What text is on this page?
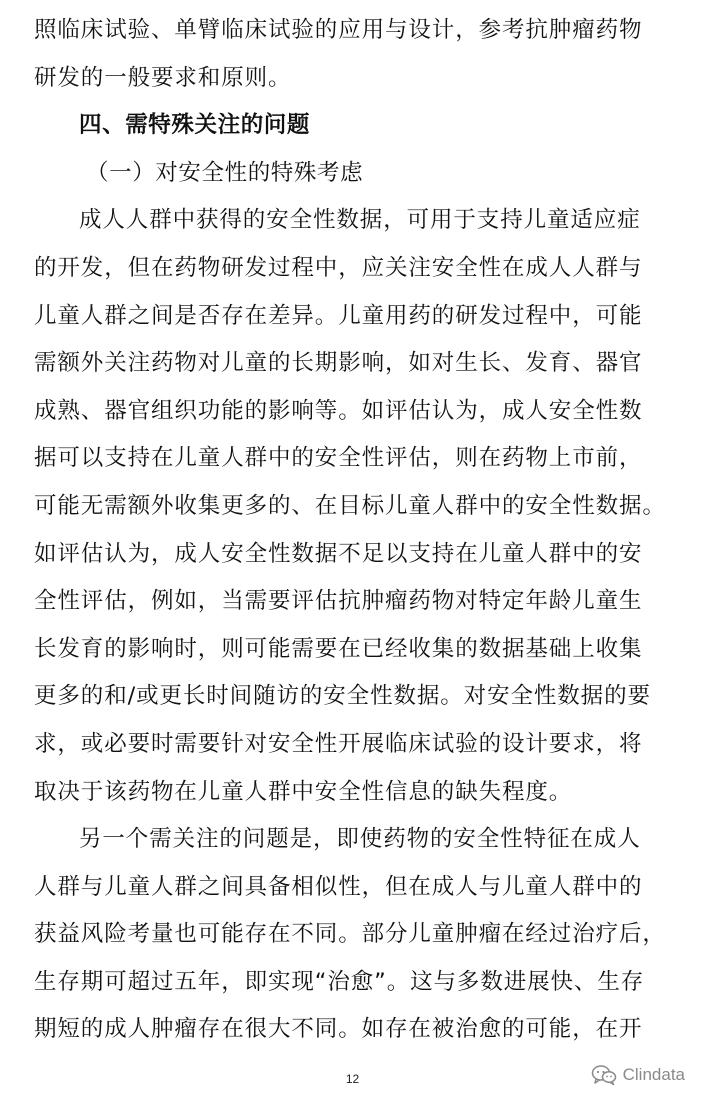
照临床试验、单臂临床试验的应用与设计，参考抗肿瘤药物
研发的一般要求和原则。
四、需特殊关注的问题
（一）对安全性的特殊考虑
成人人群中获得的安全性数据，可用于支持儿童适应症
的开发，但在药物研发过程中，应关注安全性在成人人群与
儿童人群之间是否存在差异。儿童用药的研发过程中，可能
需额外关注药物对儿童的长期影响，如对生长、发育、器官
成熟、器官组织功能的影响等。如评估认为，成人安全性数
据可以支持在儿童人群中的安全性评估，则在药物上市前，
可能无需额外收集更多的、在目标儿童人群中的安全性数据。
如评估认为，成人安全性数据不足以支持在儿童人群中的安
全性评估，例如，当需要评估抗肿瘤药物对特定年龄儿童生
长发育的影响时，则可能需要在已经收集的数据基础上收集
更多的和/或更长时间随访的安全性数据。对安全性数据的要
求，或必要时需要针对安全性开展临床试验的设计要求，将
取决于该药物在儿童人群中安全性信息的缺失程度。
另一个需关注的问题是，即使药物的安全性特征在成人
人群与儿童人群之间具备相似性，但在成人与儿童人群中的
获益风险考量也可能存在不同。部分儿童肿瘤在经过治疗后，
生存期可超过五年，即实现“治愈”。这与多数进展快、生存
期短的成人肿瘤存在很大不同。如存在被治愈的可能，在开
12	Clindata
